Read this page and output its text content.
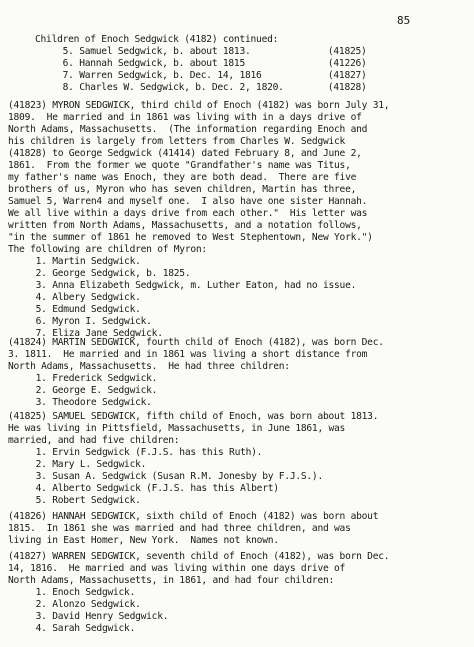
85
Children of Enoch Sedgwick (4182) continued:
5. Samuel Sedgwick, b. about 1813.              (41825)
6. Hannah Sedgwick, b. about 1815               (41226)
7. Warren Sedgwick, b. Dec. 14, 1816            (41827)
8. Charles W. Sedgwick, b. Dec. 2, 1820.        (41828)
(41823) MYRON SEDGWICK, third child of Enoch (4182) was born July 31,
1809.  He married and in 1861 was living with in a days drive of
North Adams, Massachusetts.  (The information regarding Enoch and
his children is largely from letters from Charles W. Sedgwick
(41828) to George Sedgwick (41414) dated February 8, and June 2,
1861.  From the former we quote "Grandfather's name was Titus,
my father's name was Enoch, they are both dead.  There are five
brothers of us, Myron who has seven children, Martin has three,
Samuel 5, Warren4 and myself one.  I also have one sister Hannah.
We all live within a days drive from each other."  His letter was
written from North Adams, Massachusetts, and a notation follows,
"in the summer of 1861 he removed to West Stephentown, New York.")
The following are children of Myron:
1. Martin Sedgwick.
2. George Sedgwick, b. 1825.
3. Anna Elizabeth Sedgwick, m. Luther Eaton, had no issue.
4. Albery Sedgwick.
5. Edmund Sedgwick.
6. Myron I. Sedgwick.
7. Eliza Jane Sedgwick.
(41824) MARTIN SEDGWICK, fourth child of Enoch (4182), was born Dec.
3. 1811.  He married and in 1861 was living a short distance from
North Adams, Massachusetts.  He had three children:
1. Frederick Sedgwick.
2. George E. Sedgwick.
3. Theodore Sedgwick.
(41825) SAMUEL SEDGWICK, fifth child of Enoch, was born about 1813.
He was living in Pittsfield, Massachusetts, in June 1861, was
married, and had five children:
1. Ervin Sedgwick (F.J.S. has this Ruth).
2. Mary L. Sedgwick.
3. Susan A. Sedgwick (Susan R.M. Jonesby by F.J.S.).
4. Alberto Sedgwick (F.J.S. has this Albert)
5. Robert Sedgwick.
(41826) HANNAH SEDGWICK, sixth child of Enoch (4182) was born about
1815.  In 1861 she was married and had three children, and was
living in East Homer, New York.  Names not known.
(41827) WARREN SEDGWICK, seventh child of Enoch (4182), was born Dec.
14, 1816.  He married and was living within one days drive of
North Adams, Massachusetts, in 1861, and had four children:
1. Enoch Sedgwick.
2. Alonzo Sedgwick.
3. David Henry Sedgwick.
4. Sarah Sedgwick.
